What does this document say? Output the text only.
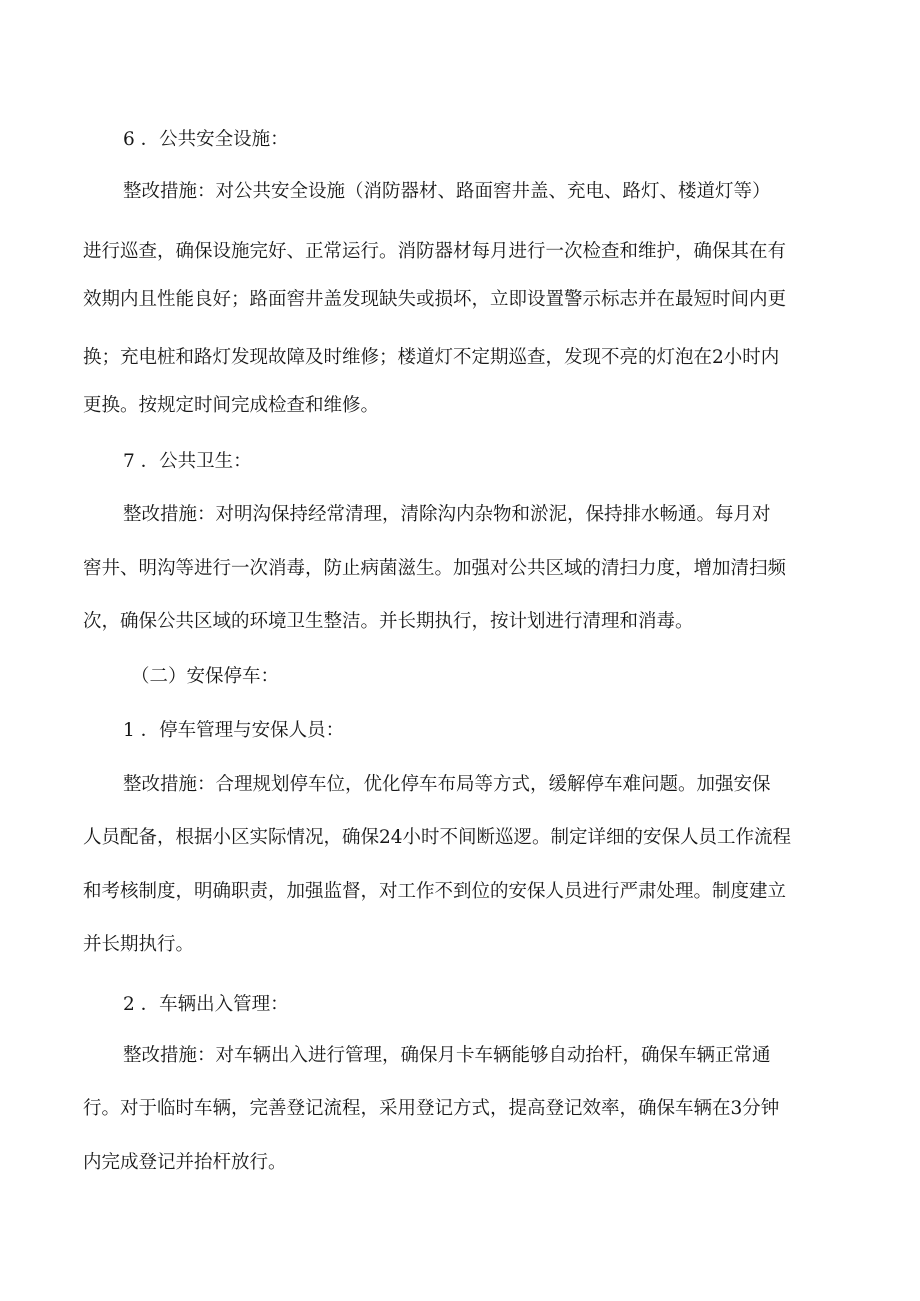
6 ．公共安全设施：
整改措施：对公共安全设施（消防器材、路面窖井盖、充电、路灯、楼道灯等）
进行巡查，确保设施完好、正常运行。消防器材每月进行一次检查和维护，确保其在有
效期内且性能良好；路面窖井盖发现缺失或损坏，立即设置警示标志并在最短时间内更
换；充电桩和路灯发现故障及时维修；楼道灯不定期巡查，发现不亮的灯泡在2小时内
更换。按规定时间完成检查和维修。
7 ．公共卫生：
整改措施：对明沟保持经常清理，清除沟内杂物和淤泥，保持排水畅通。每月对
窖井、明沟等进行一次消毒，防止病菌滋生。加强对公共区域的清扫力度，增加清扫频
次，确保公共区域的环境卫生整洁。并长期执行，按计划进行清理和消毒。
（二）安保停车：
1 ．停车管理与安保人员：
整改措施：合理规划停车位，优化停车布局等方式，缓解停车难问题。加强安保
人员配备，根据小区实际情况，确保24小时不间断巡逻。制定详细的安保人员工作流程
和考核制度，明确职责，加强监督，对工作不到位的安保人员进行严肃处理。制度建立
并长期执行。
2 ．车辆出入管理：
整改措施：对车辆出入进行管理，确保月卡车辆能够自动抬杆，确保车辆正常通
行。对于临时车辆，完善登记流程，采用登记方式，提高登记效率，确保车辆在3分钟
内完成登记并抬杆放行。
